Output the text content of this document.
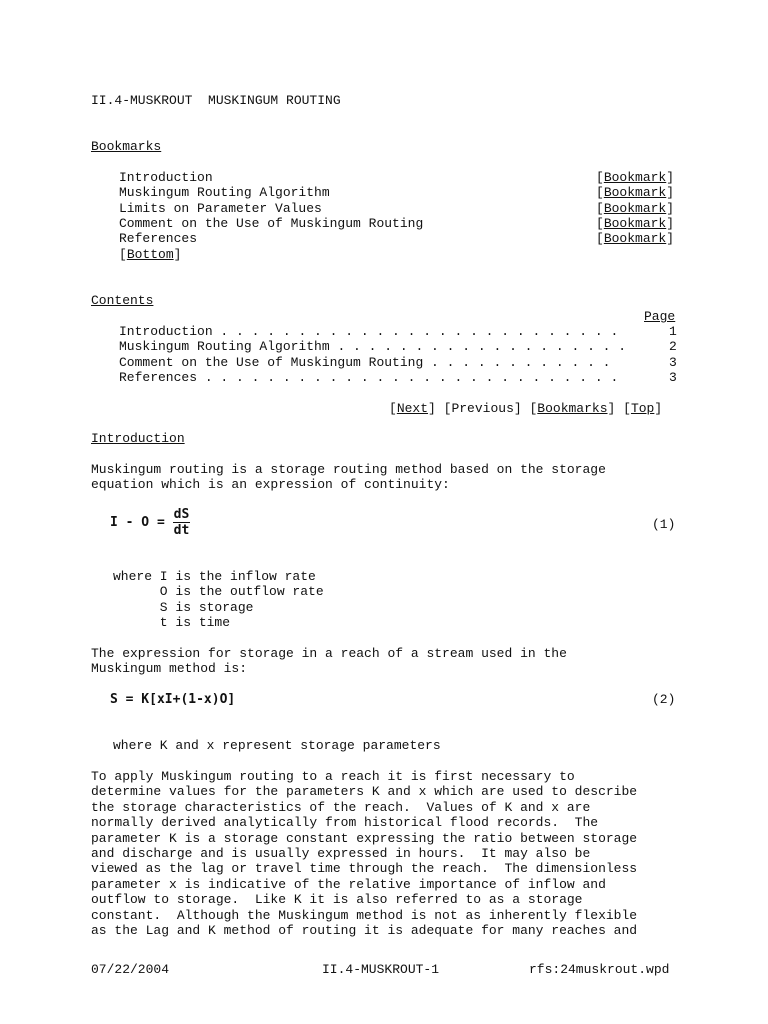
II.4-MUSKROUT  MUSKINGUM ROUTING
Bookmarks
Introduction	[Bookmark]
Muskingum Routing Algorithm	[Bookmark]
Limits on Parameter Values	[Bookmark]
Comment on the Use of Muskingum Routing	[Bookmark]
References	[Bookmark]
[Bottom]
Contents
Page
Introduction . . . . . . . . . . . . . . . . . . . . . . . . . .	1
Muskingum Routing Algorithm . . . . . . . . . . . . . . . . . . .	2
Comment on the Use of Muskingum Routing . . . . . . . . . . . .	3
References . . . . . . . . . . . . . . . . . . . . . . . . . . .	3
[Next] [Previous] [Bookmarks] [Top]
Introduction
Muskingum routing is a storage routing method based on the storage
equation which is an expression of continuity:
$I - O = \frac{dS}{dt}$	(1)
where I is the inflow rate
O is the outflow rate
S is storage
t is time
The expression for storage in a reach of a stream used in the
Muskingum method is:
S = K[xI+(1-x)O]	(2)
where K and x represent storage parameters
To apply Muskingum routing to a reach it is first necessary to
determine values for the parameters K and x which are used to describe
the storage characteristics of the reach.  Values of K and x are
normally derived analytically from historical flood records.  The
parameter K is a storage constant expressing the ratio between storage
and discharge and is usually expressed in hours.  It may also be
viewed as the lag or travel time through the reach.  The dimensionless
parameter x is indicative of the relative importance of inflow and
outflow to storage.  Like K it is also referred to as a storage
constant.  Although the Muskingum method is not as inherently flexible
as the Lag and K method of routing it is adequate for many reaches and
07/22/2004	II.4-MUSKROUT-1	rfs:24muskrout.wpd
